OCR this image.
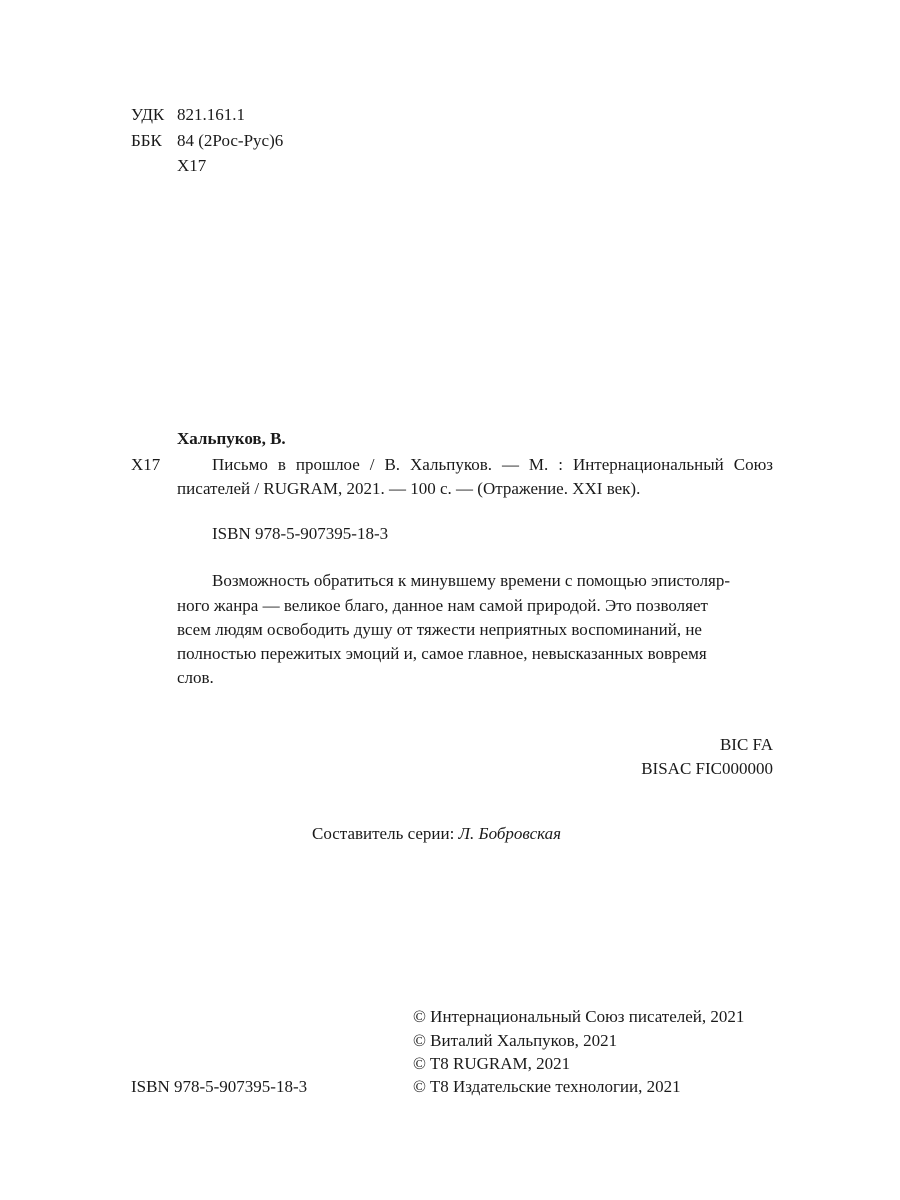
УДК 821.161.1
ББК 84 (2Рос-Рус)6
Х17
Хальпуков, В.
Х17	Письмо в прошлое / В. Хальпуков. — М. : Интернациональный Союз писателей / RUGRAM, 2021. — 100 с. — (Отражение. XXI век).
ISBN 978-5-907395-18-3
Возможность обратиться к минувшему времени с помощью эпистоляр-
ного жанра — великое благо, данное нам самой природой. Это позволяет
всем людям освободить душу от тяжести неприятных воспоминаний, не
полностью пережитых эмоций и, самое главное, невысказанных вовремя
слов.
BIC FA
BISAC FIC000000
Составитель серии: Л. Бобровская
© Интернациональный Союз писателей, 2021
© Виталий Хальпуков, 2021
© T8 RUGRAM, 2021
© T8 Издательские технологии, 2021
ISBN 978-5-907395-18-3
